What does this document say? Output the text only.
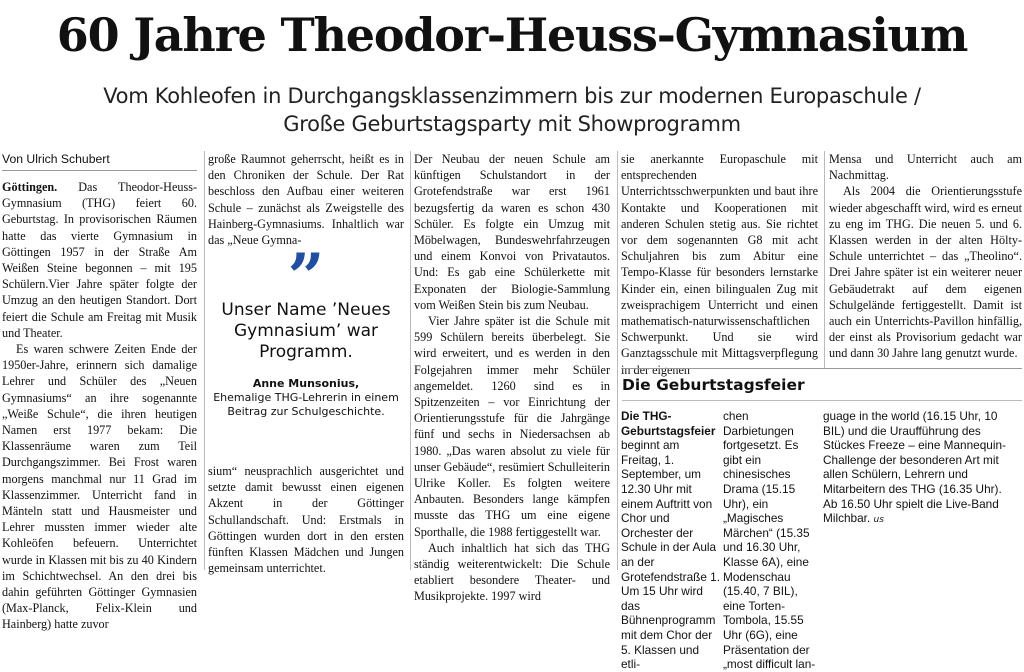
60 Jahre Theodor-Heuss-Gymnasium
Vom Kohleofen in Durchgangsklassenzimmern bis zur modernen Europaschule /
Große Geburtstagsparty mit Showprogramm
Von Ulrich Schubert

Göttingen. Das Theodor-Heuss-Gymnasium (THG) feiert 60. Geburtstag. In provisorischen Räumen hatte das vierte Gymnasium in Göttingen 1957 in der Straße Am Weißen Steine begonnen – mit 195 Schülern.Vier Jahre später folgte der Umzug an den heutigen Standort. Dort feiert die Schule am Freitag mit Musik und Theater.

Es waren schwere Zeiten Ende der 1950er-Jahre, erinnern sich damalige Lehrer und Schüler des „Neuen Gymnasiums“ an ihre sogenannte „Weiße Schule“, die ihren heutigen Namen erst 1977 bekam: Die Klassenräume waren zum Teil Durchgangszimmer. Bei Frost waren morgens manchmal nur 11 Grad im Klassenzimmer. Unterricht fand in Mänteln statt und Hausmeister und Lehrer mussten immer wieder alte Kohleöfen befeuern. Unterrichtet wurde in Klassen mit bis zu 40 Kindern im Schichtwechsel. An den drei bis dahin geführten Göttinger Gymnasien (Max-Planck, Felix-Klein und Hainberg) hatte zuvor

große Raumnot geherrscht, heißt es in den Chroniken der Schule. Der Rat beschloss den Aufbau einer weiteren Schule – zunächst als Zweigstelle des Hainberg-Gymnasiums. Inhaltlich war das „Neue Gymna-

”
Unser Name ’Neues Gymnasium’ war Programm.
Anne Munsonius,
Ehemalige THG-Lehrerin in einem Beitrag zur Schulgeschichte.

sium“ neusprachlich ausgerichtet und setzte damit bewusst einen eigenen Akzent in der Göttinger Schullandschaft. Und: Erstmals in Göttingen wurden dort in den ersten fünften Klassen Mädchen und Jungen gemeinsam unterrichtet.

Der Neubau der neuen Schule am künftigen Schulstandort in der Grotefendstraße war erst 1961 bezugsfertig da waren es schon 430 Schüler. Es folgte ein Umzug mit Möbelwagen, Bundeswehrfahrzeugen und einem Konvoi von Privatautos. Und: Es gab eine Schülerkette mit Exponaten der Biologie-Sammlung vom Weißen Stein bis zum Neubau.

Vier Jahre später ist die Schule mit 599 Schülern bereits überbelegt. Sie wird erweitert, und es werden in den Folgejahren immer mehr Schüler angemeldet. 1260 sind es in Spitzenzeiten – vor Einrichtung der Orientierungsstufe für die Jahrgänge fünf und sechs in Niedersachsen ab 1980. „Das waren absolut zu viele für unser Gebäude“, resümiert Schulleiterin Ulrike Koller. Es folgten weitere Anbauten. Besonders lange kämpfen musste das THG um eine eigene Sporthalle, die 1988 fertiggestellt war.

Auch inhaltlich hat sich das THG ständig weiterentwickelt: Die Schule etabliert besondere Theater- und Musikprojekte. 1997 wird

sie anerkannte Europaschule mit entsprechenden Unterrichtsschwerpunkten und baut ihre Kontakte und Kooperationen mit anderen Schulen stetig aus. Sie richtet vor dem sogenannten G8 mit acht Schuljahren bis zum Abitur eine Tempo-Klasse für besonders lernstarke Kinder ein, einen bilingualen Zug mit zweisprachigem Unterricht und einen mathematisch-naturwissenschaftlichen Schwerpunkt. Und sie wird Ganztagsschule mit Mittagsverpflegung in der eigenen

Mensa und Unterricht auch am Nachmittag.

Als 2004 die Orientierungsstufe wieder abgeschafft wird, wird es erneut zu eng im THG. Die neuen 5. und 6. Klassen werden in der alten Hölty-Schule unterrichtet – das „Theolino“. Drei Jahre später ist ein weiterer neuer Gebäudetrakt auf dem eigenen Schulgelände fertiggestellt. Damit ist auch ein Unterrichts-Pavillon hinfällig, der einst als Provisorium gedacht war und dann 30 Jahre lang genutzt wurde.

Die Geburtstagsfeier
Die THG-Geburtstagsfeier beginnt am Freitag, 1. September, um 12.30 Uhr mit einem Auftritt von Chor und Orchester der Schule in der Aula an der Grotefendstraße 1. Um 15 Uhr wird das Bühnenprogramm mit dem Chor der 5. Klassen und etli-
chen Darbietungen fortgesetzt. Es gibt ein chinesisches Drama (15.15 Uhr), ein „Magisches Märchen“ (15.35 und 16.30 Uhr, Klasse 6A), eine Modenschau (15.40, 7 BIL), eine Torten-Tombola, 15.55 Uhr (6G), eine Präsentation der „most difficult lan-
guage in the world (16.15 Uhr, 10 BIL) und die Uraufführung des Stückes Freeze – eine Mannequin-Challenge der besonderen Art mit allen Schülern, Lehrern und Mitarbeitern des THG (16.35 Uhr). Ab 16.50 Uhr spielt die Live-Band Milchbar. us
